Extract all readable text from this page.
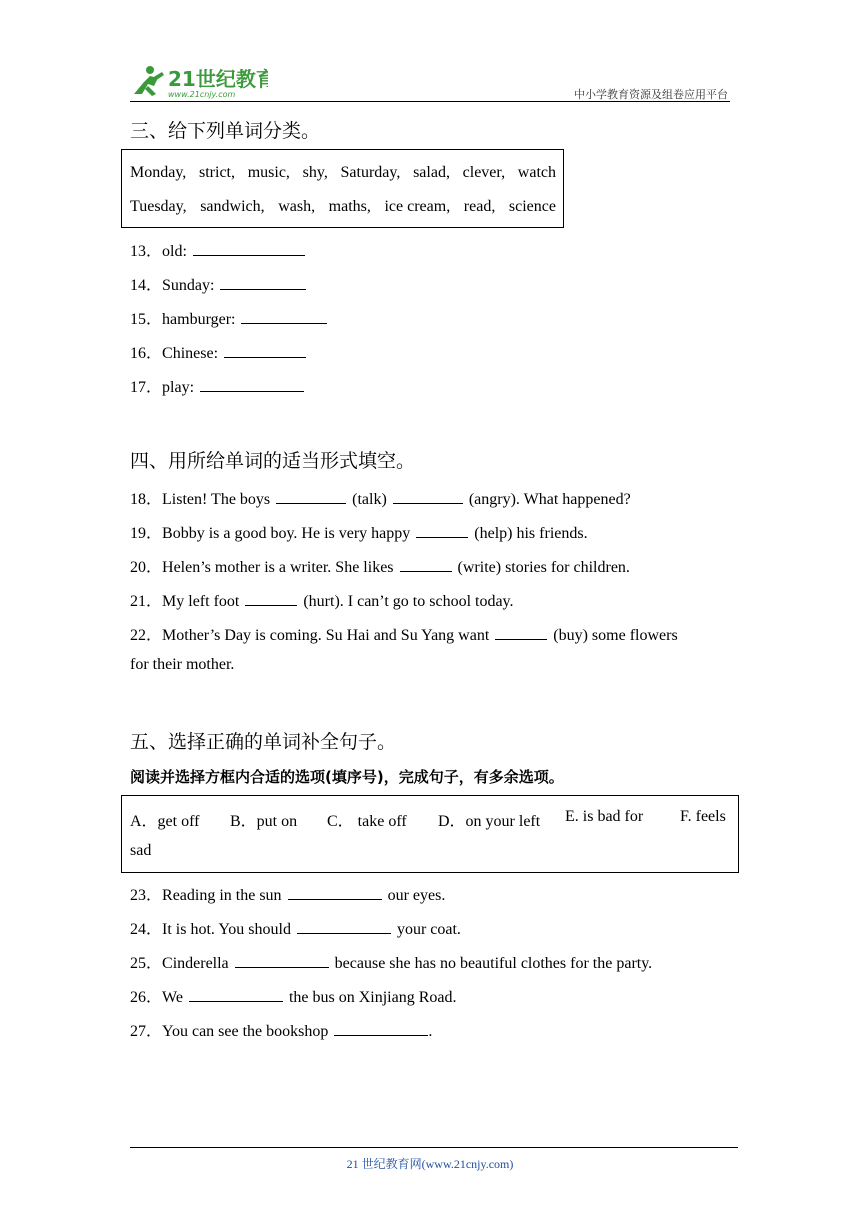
21世纪教育
www.21cnjy.com	中小学教育资源及组卷应用平台
三、给下列单词分类。
Monday, strict, music, shy, Saturday, salad, clever, watch
Tuesday, sandwich, wash, maths, ice cream, read, science
13．old:
14．Sunday:
15．hamburger:
16．Chinese:
17．play:
四、用所给单词的适当形式填空。
18．Listen! The boys	(talk)	(angry). What happened?
19．Bobby is a good boy. He is very happy	(help) his friends.
20．Helen’s mother is a writer. She likes	(write) stories for children.
21．My left foot	(hurt). I can’t go to school today.
22．Mother’s Day is coming. Su Hai and Su Yang want	(buy) some flowers
for their mother.
五、选择正确的单词补全句子。
阅读并选择方框内合适的选项(填序号)，完成句子，有多余选项。
A．get off B．put on C． take off D．on your left E. is bad for F. feels
sad
23．Reading in the sun	our eyes.
24．It is hot. You should	your coat.
25．Cinderella	because she has no beautiful clothes for the party.
26．We	the bus on Xinjiang Road.
27．You can see the bookshop	.
21 世纪教育网(www.21cnjy.com)
